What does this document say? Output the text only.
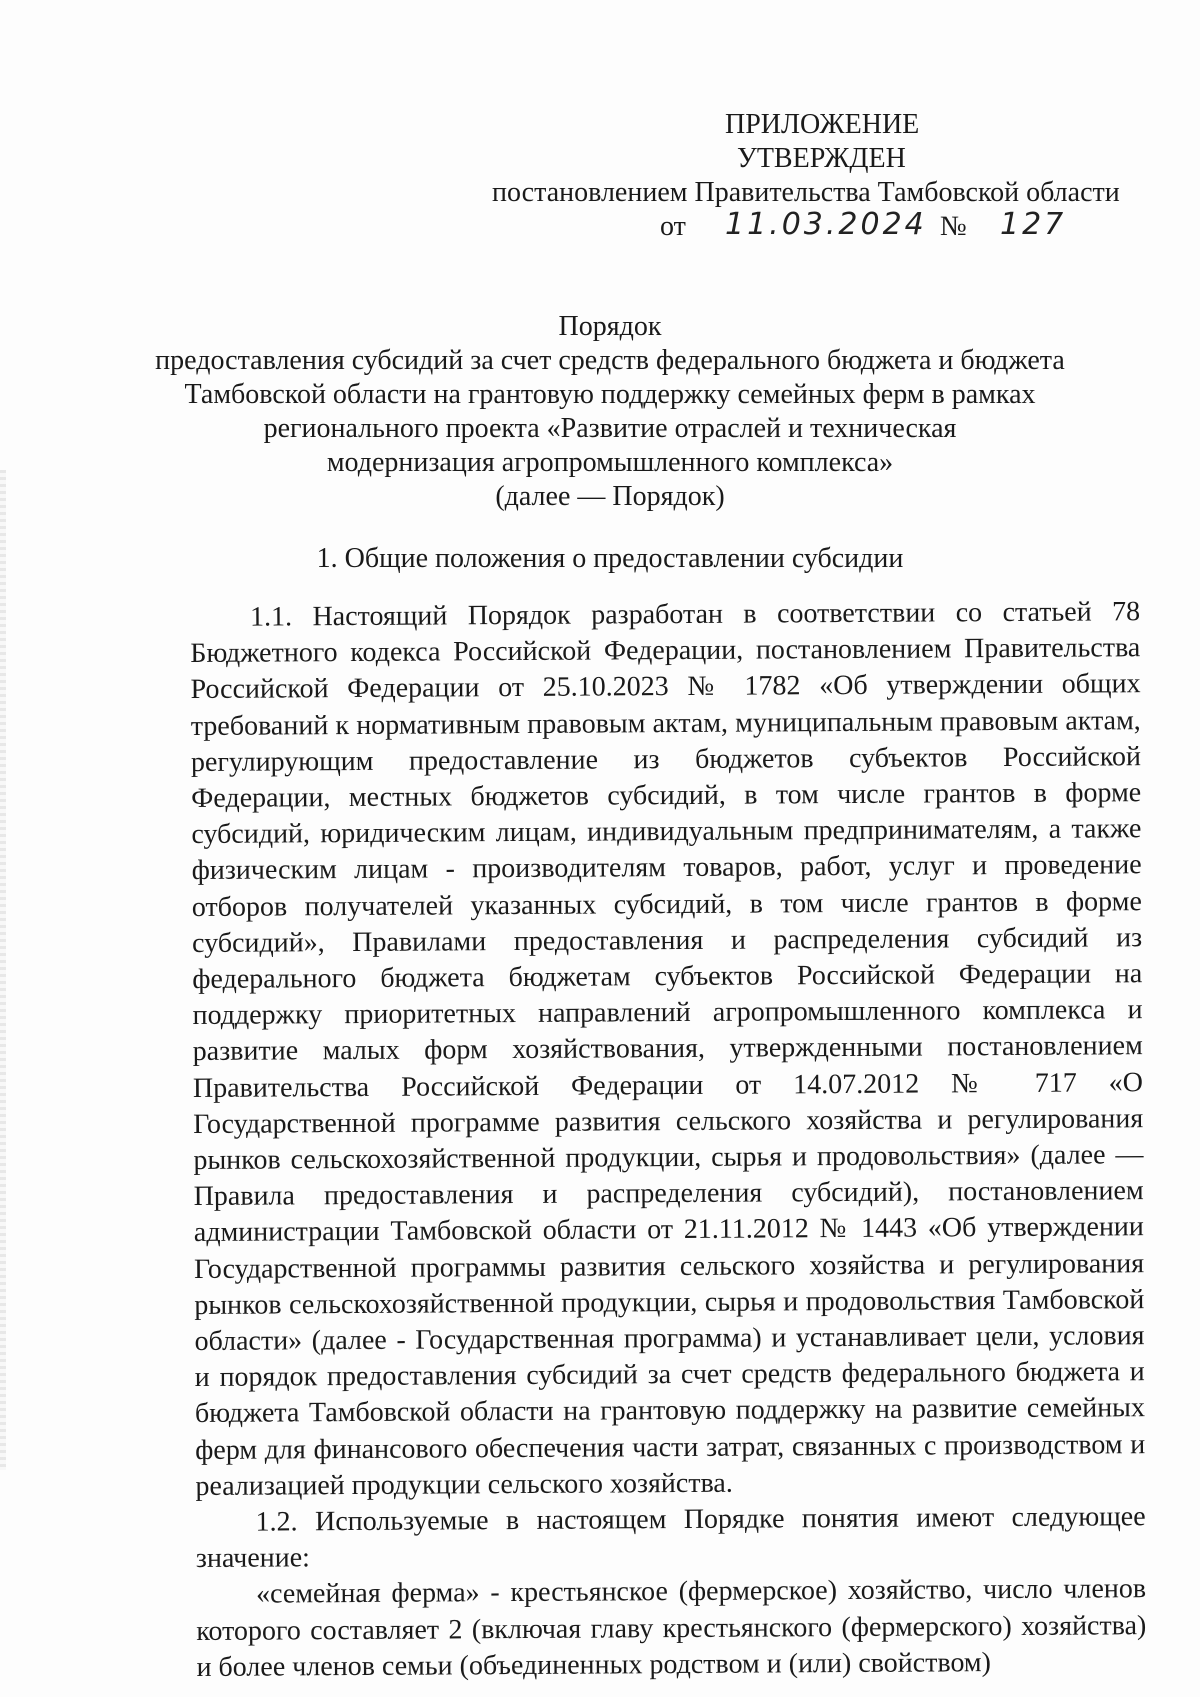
ПРИЛОЖЕНИЕ
УТВЕРЖДЕН
постановлением Правительства Тамбовской области
от 11.03.2024 № 127
Порядок
предоставления субсидий за счет средств федерального бюджета и бюджета
Тамбовской области на грантовую поддержку семейных ферм в рамках
регионального проекта «Развитие отраслей и техническая
модернизация агропромышленного комплекса»
(далее — Порядок)
1. Общие положения о предоставлении субсидии

1.1. Настоящий Порядок разработан в соответствии со статьей 78 Бюджетного кодекса Российской Федерации, постановлением Правительства Российской Федерации от 25.10.2023 № 1782 «Об утверждении общих требований к нормативным правовым актам, муниципальным правовым актам, регулирующим предоставление из бюджетов субъектов Российской Федерации, местных бюджетов субсидий, в том числе грантов в форме субсидий, юридическим лицам, индивидуальным предпринимателям, а также физическим лицам - производителям товаров, работ, услуг и проведение отборов получателей указанных субсидий, в том числе грантов в форме субсидий», Правилами предоставления и распределения субсидий из федерального бюджета бюджетам субъектов Российской Федерации на поддержку приоритетных направлений агропромышленного комплекса и развитие малых форм хозяйствования, утвержденными постановлением Правительства Российской Федерации от 14.07.2012 № 717 «О Государственной программе развития сельского хозяйства и регулирования рынков сельскохозяйственной продукции, сырья и продовольствия» (далее — Правила предоставления и распределения субсидий), постановлением администрации Тамбовской области от 21.11.2012 № 1443 «Об утверждении Государственной программы развития сельского хозяйства и регулирования рынков сельскохозяйственной продукции, сырья и продовольствия Тамбовской области» (далее - Государственная программа) и устанавливает цели, условия и порядок предоставления субсидий за счет средств федерального бюджета и бюджета Тамбовской области на грантовую поддержку на развитие семейных ферм для финансового обеспечения части затрат, связанных с производством и реализацией продукции сельского хозяйства.

1.2. Используемые в настоящем Порядке понятия имеют следующее значение:

«семейная ферма» - крестьянское (фермерское) хозяйство, число членов которого составляет 2 (включая главу крестьянского (фермерского) хозяйства) и более членов семьи (объединенных родством и (или) свойством)
